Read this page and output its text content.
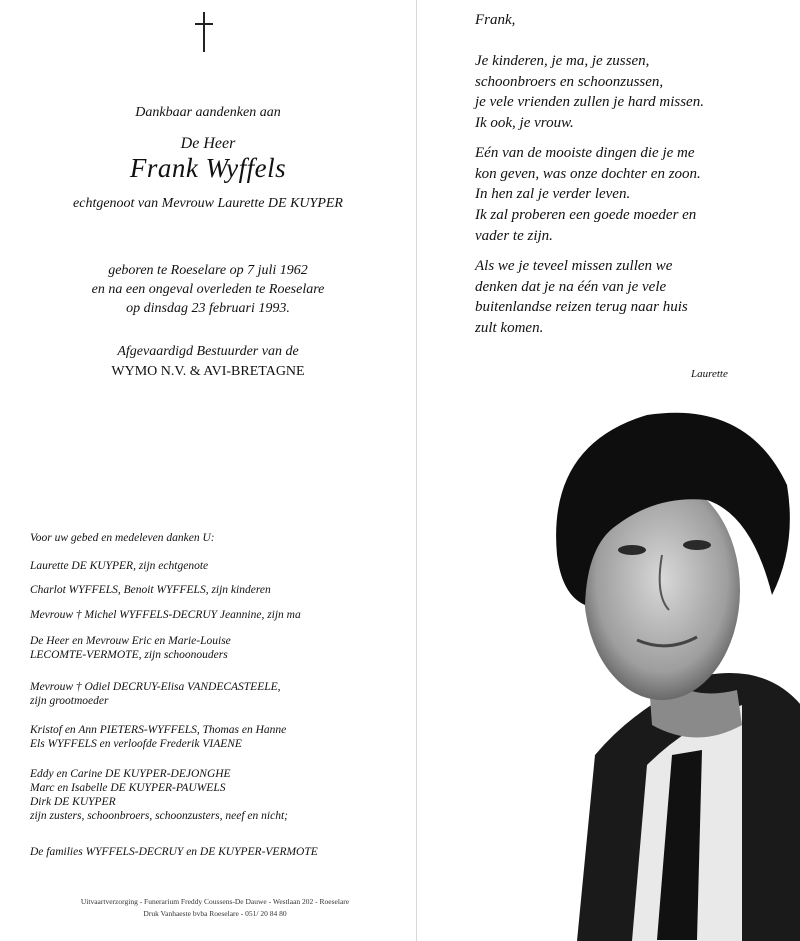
Dankbaar aandenken aan
De Heer
Frank Wyffels
echtgenoot van Mevrouw Laurette DE KUYPER
geboren te Roeselare op 7 juli 1962
en na een ongeval overleden te Roeselare
op dinsdag 23 februari 1993.
Afgevaardigd Bestuurder van de
WYMO N.V. & AVI-BRETAGNE
Voor uw gebed en medeleven danken U:
Laurette DE KUYPER, zijn echtgenote
Charlot WYFFELS, Benoit WYFFELS, zijn kinderen
Mevrouw † Michel WYFFELS-DECRUY Jeannine, zijn ma
De Heer en Mevrouw Eric en Marie-Louise
LECOMTE-VERMOTE, zijn schoonouders
Mevrouw † Odiel DECRUY-Elisa VANDECASTEELE,
zijn grootmoeder
Kristof en Ann PIETERS-WYFFELS, Thomas en Hanne
Els WYFFELS en verloofde Frederik VIAENE
Eddy en Carine DE KUYPER-DEJONGHE
Marc en Isabelle DE KUYPER-PAUWELS
Dirk DE KUYPER
zijn zusters, schoonbroers, schoonzusters, neef en nicht;
De families WYFFELS-DECRUY en DE KUYPER-VERMOTE
Uitvaartverzorging - Funerarium Freddy Coussens-De Dauwe - Westlaan 202 - Roeselare
Druk Vanhaeste bvba Roeselare - 051/ 20 84 80
Frank,
Je kinderen, je ma, je zussen,
schoonbroers en schoonzussen,
je vele vrienden zullen je hard missen.
Ik ook, je vrouw.
Eén van de mooiste dingen die je me
kon geven, was onze dochter en zoon.
In hen zal je verder leven.
Ik zal proberen een goede moeder en
vader te zijn.
Als we je teveel missen zullen we
denken dat je na één van je vele
buitenlandse reizen terug naar huis
zult komen.
Laurette
